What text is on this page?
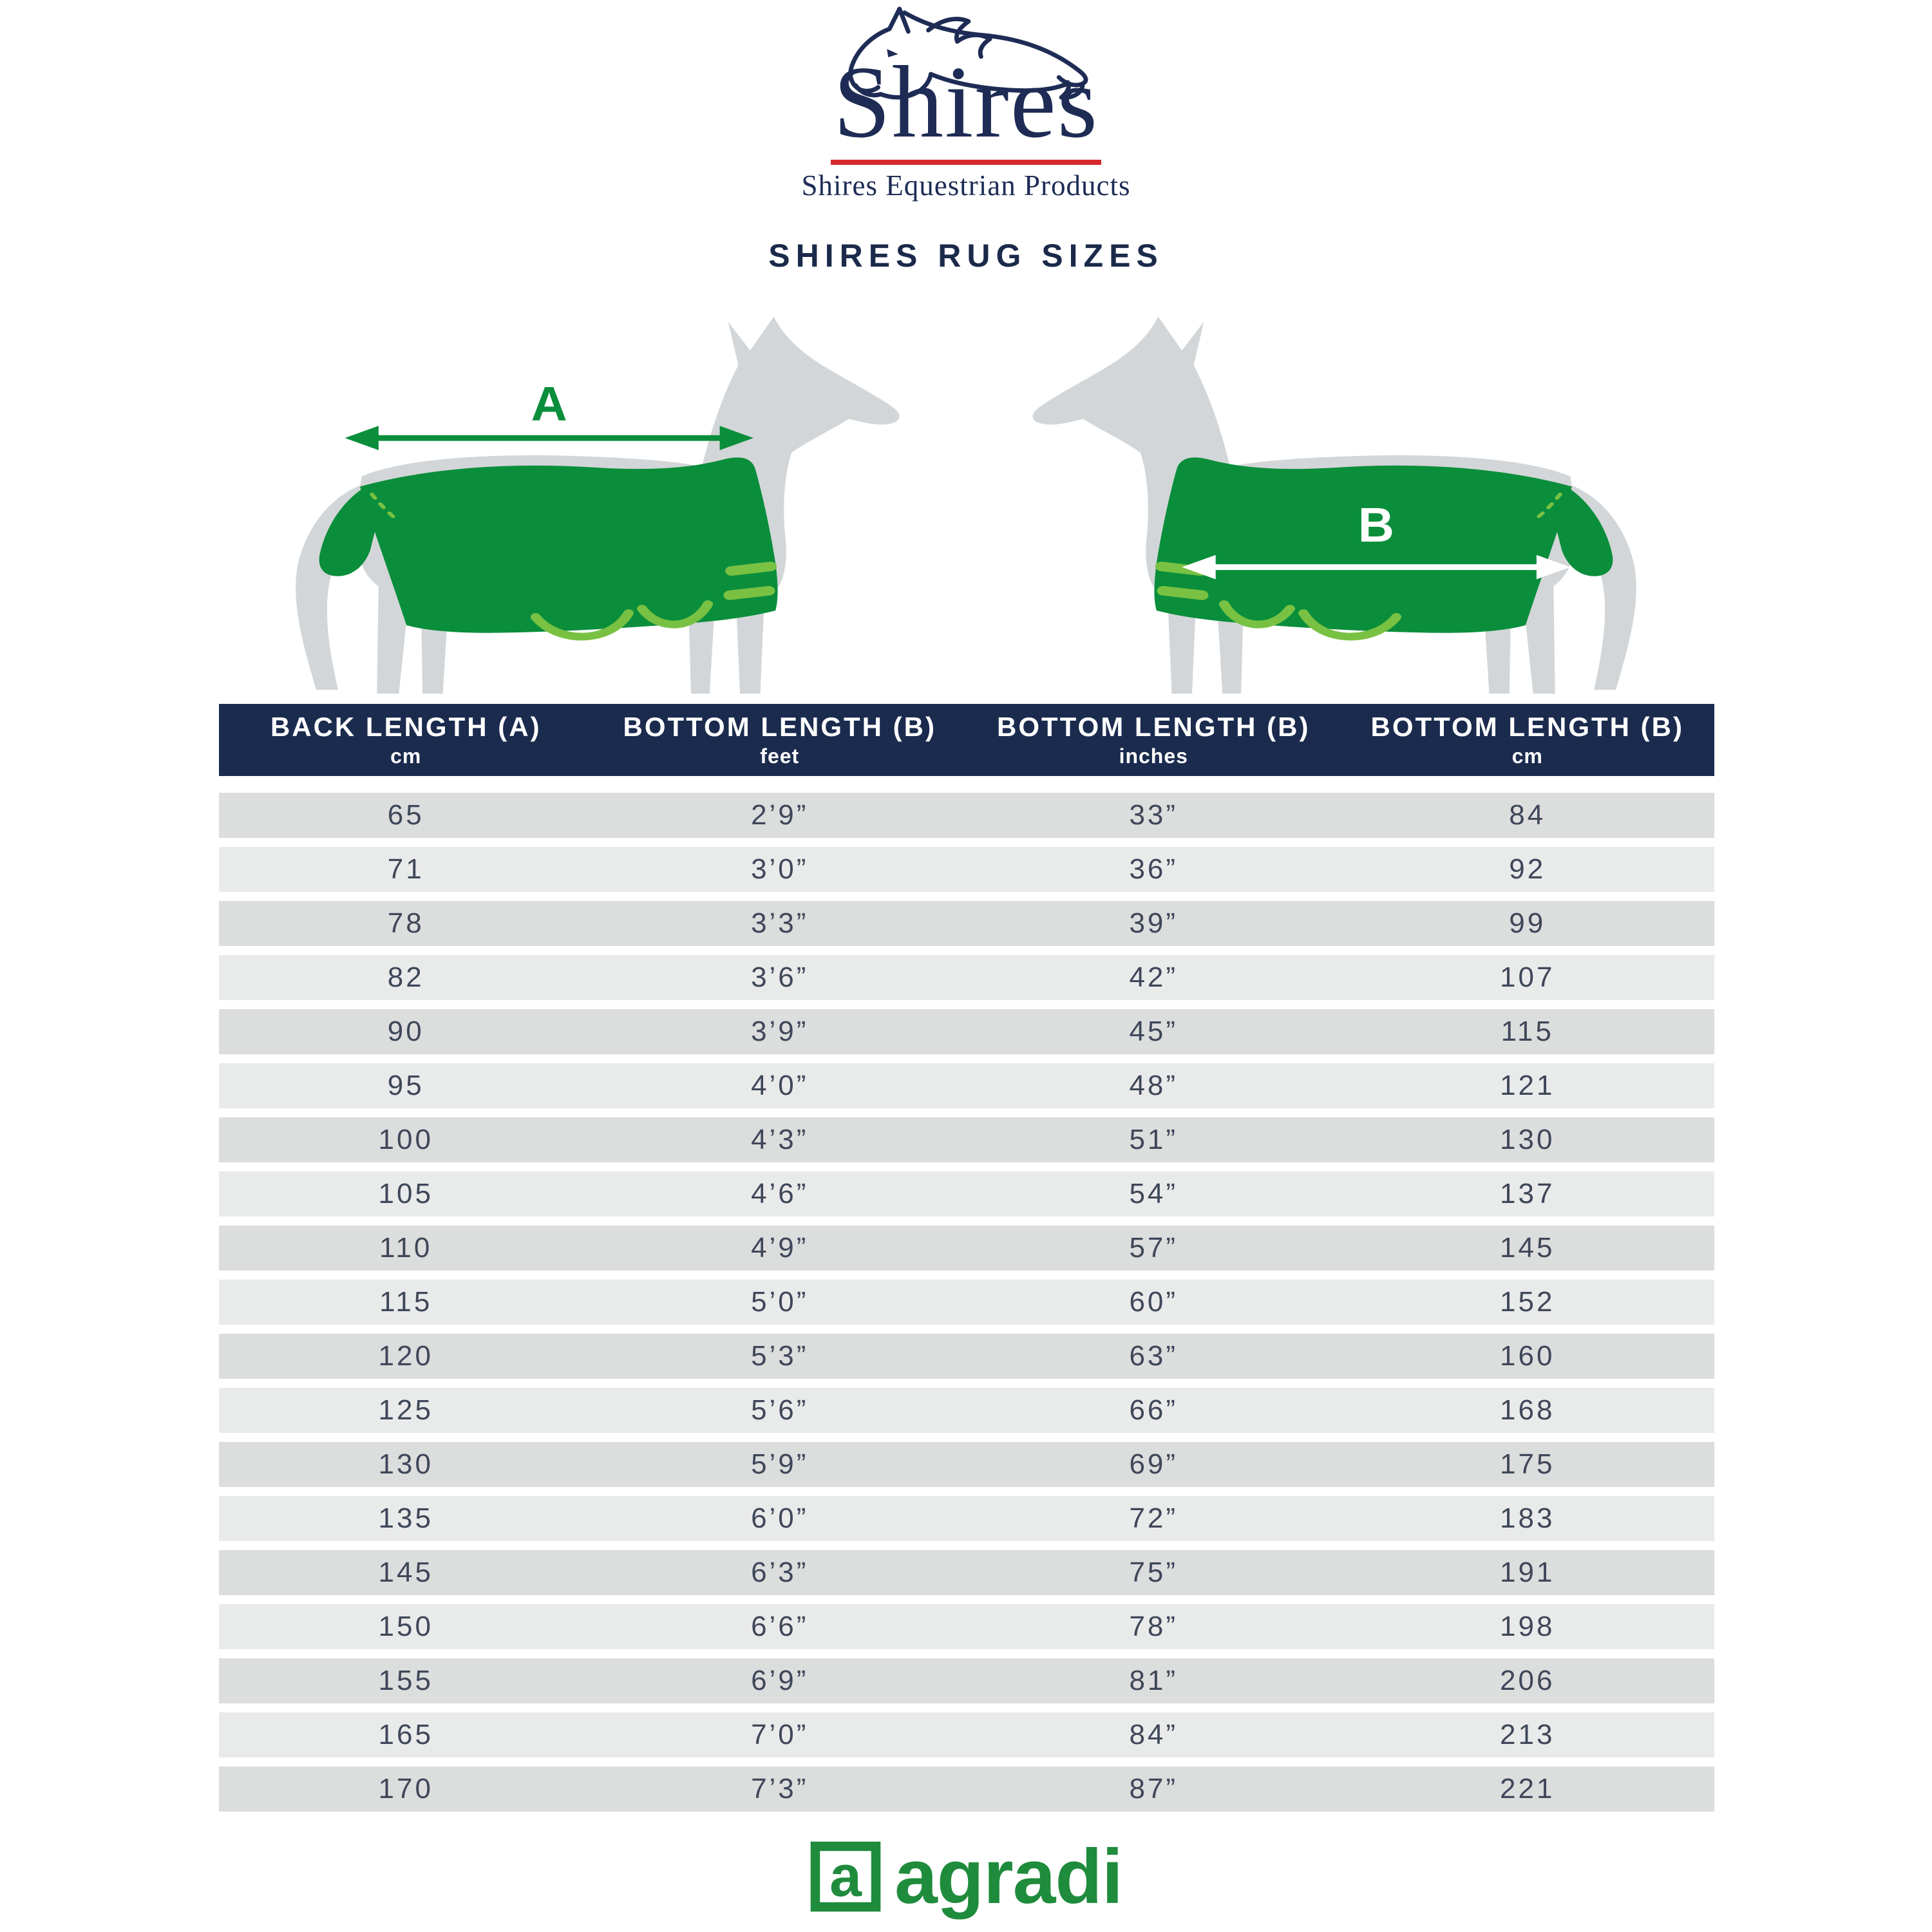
Shires
Shires Equestrian Products
SHIRES RUG SIZES
A
B
BACK LENGTH (A)
cm
BOTTOM LENGTH (B)
feet
BOTTOM LENGTH (B)
inches
BOTTOM LENGTH (B)
cm
65	2’9”	33”	84
71	3’0”	36”	92
78	3’3”	39”	99
82	3’6”	42”	107
90	3’9”	45”	115
95	4’0”	48”	121
100	4’3”	51”	130
105	4’6”	54”	137
110	4’9”	57”	145
115	5’0”	60”	152
120	5’3”	63”	160
125	5’6”	66”	168
130	5’9”	69”	175
135	6’0”	72”	183
145	6’3”	75”	191
150	6’6”	78”	198
155	6’9”	81”	206
165	7’0”	84”	213
170	7’3”	87”	221
a agradi
